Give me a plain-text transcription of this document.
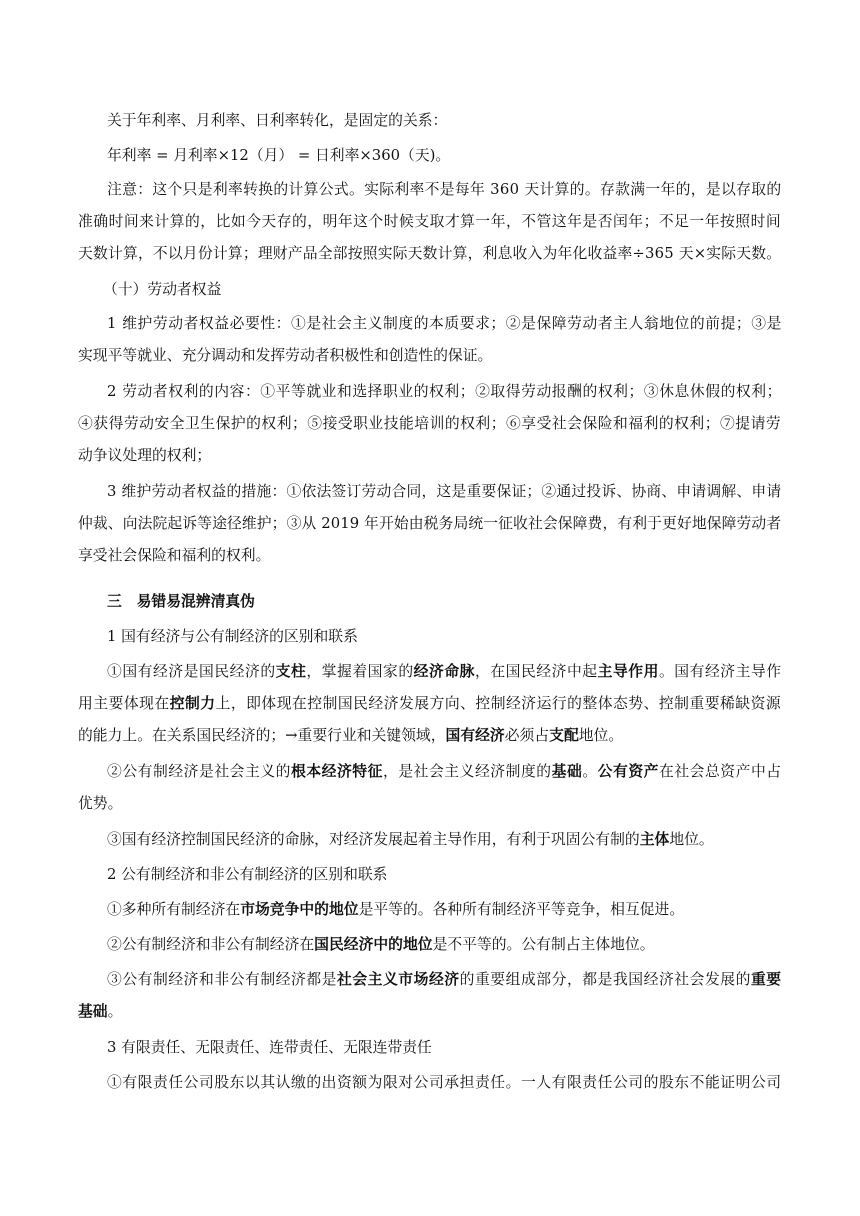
关于年利率、月利率、日利率转化，是固定的关系：
年利率 = 月利率×12（月） = 日利率×360（天)。
注意：这个只是利率转换的计算公式。实际利率不是每年 360 天计算的。存款满一年的，是以存取的
准确时间来计算的，比如今天存的，明年这个时候支取才算一年，不管这年是否闰年；不足一年按照时间
天数计算，不以月份计算；理财产品全部按照实际天数计算，利息收入为年化收益率÷365 天×实际天数。
（十）劳动者权益
1 维护劳动者权益必要性：①是社会主义制度的本质要求；②是保障劳动者主人翁地位的前提；③是
实现平等就业、充分调动和发挥劳动者积极性和创造性的保证。
2 劳动者权利的内容：①平等就业和选择职业的权利；②取得劳动报酬的权利；③休息休假的权利；
④获得劳动安全卫生保护的权利；⑤接受职业技能培训的权利；⑥享受社会保险和福利的权利；⑦提请劳
动争议处理的权利；
3 维护劳动者权益的措施：①依法签订劳动合同，这是重要保证；②通过投诉、协商、申请调解、申请
仲裁、向法院起诉等途径维护；③从 2019 年开始由税务局统一征收社会保障费，有利于更好地保障劳动者
享受社会保险和福利的权利。
三　易错易混辨清真伪
1 国有经济与公有制经济的区别和联系
①国有经济是国民经济的支柱，掌握着国家的经济命脉，在国民经济中起主导作用。国有经济主导作
用主要体现在控制力上，即体现在控制国民经济发展方向、控制经济运行的整体态势、控制重要稀缺资源
的能力上。在关系国民经济的；→重要行业和关键领域，国有经济必须占支配地位。
②公有制经济是社会主义的根本经济特征，是社会主义经济制度的基础。公有资产在社会总资产中占
优势。
③国有经济控制国民经济的命脉，对经济发展起着主导作用，有利于巩固公有制的主体地位。
2 公有制经济和非公有制经济的区别和联系
①多种所有制经济在市场竞争中的地位是平等的。各种所有制经济平等竞争，相互促进。
②公有制经济和非公有制经济在国民经济中的地位是不平等的。公有制占主体地位。
③公有制经济和非公有制经济都是社会主义市场经济的重要组成部分，都是我国经济社会发展的重要
基础。
3 有限责任、无限责任、连带责任、无限连带责任
①有限责任公司股东以其认缴的出资额为限对公司承担责任。一人有限责任公司的股东不能证明公司
